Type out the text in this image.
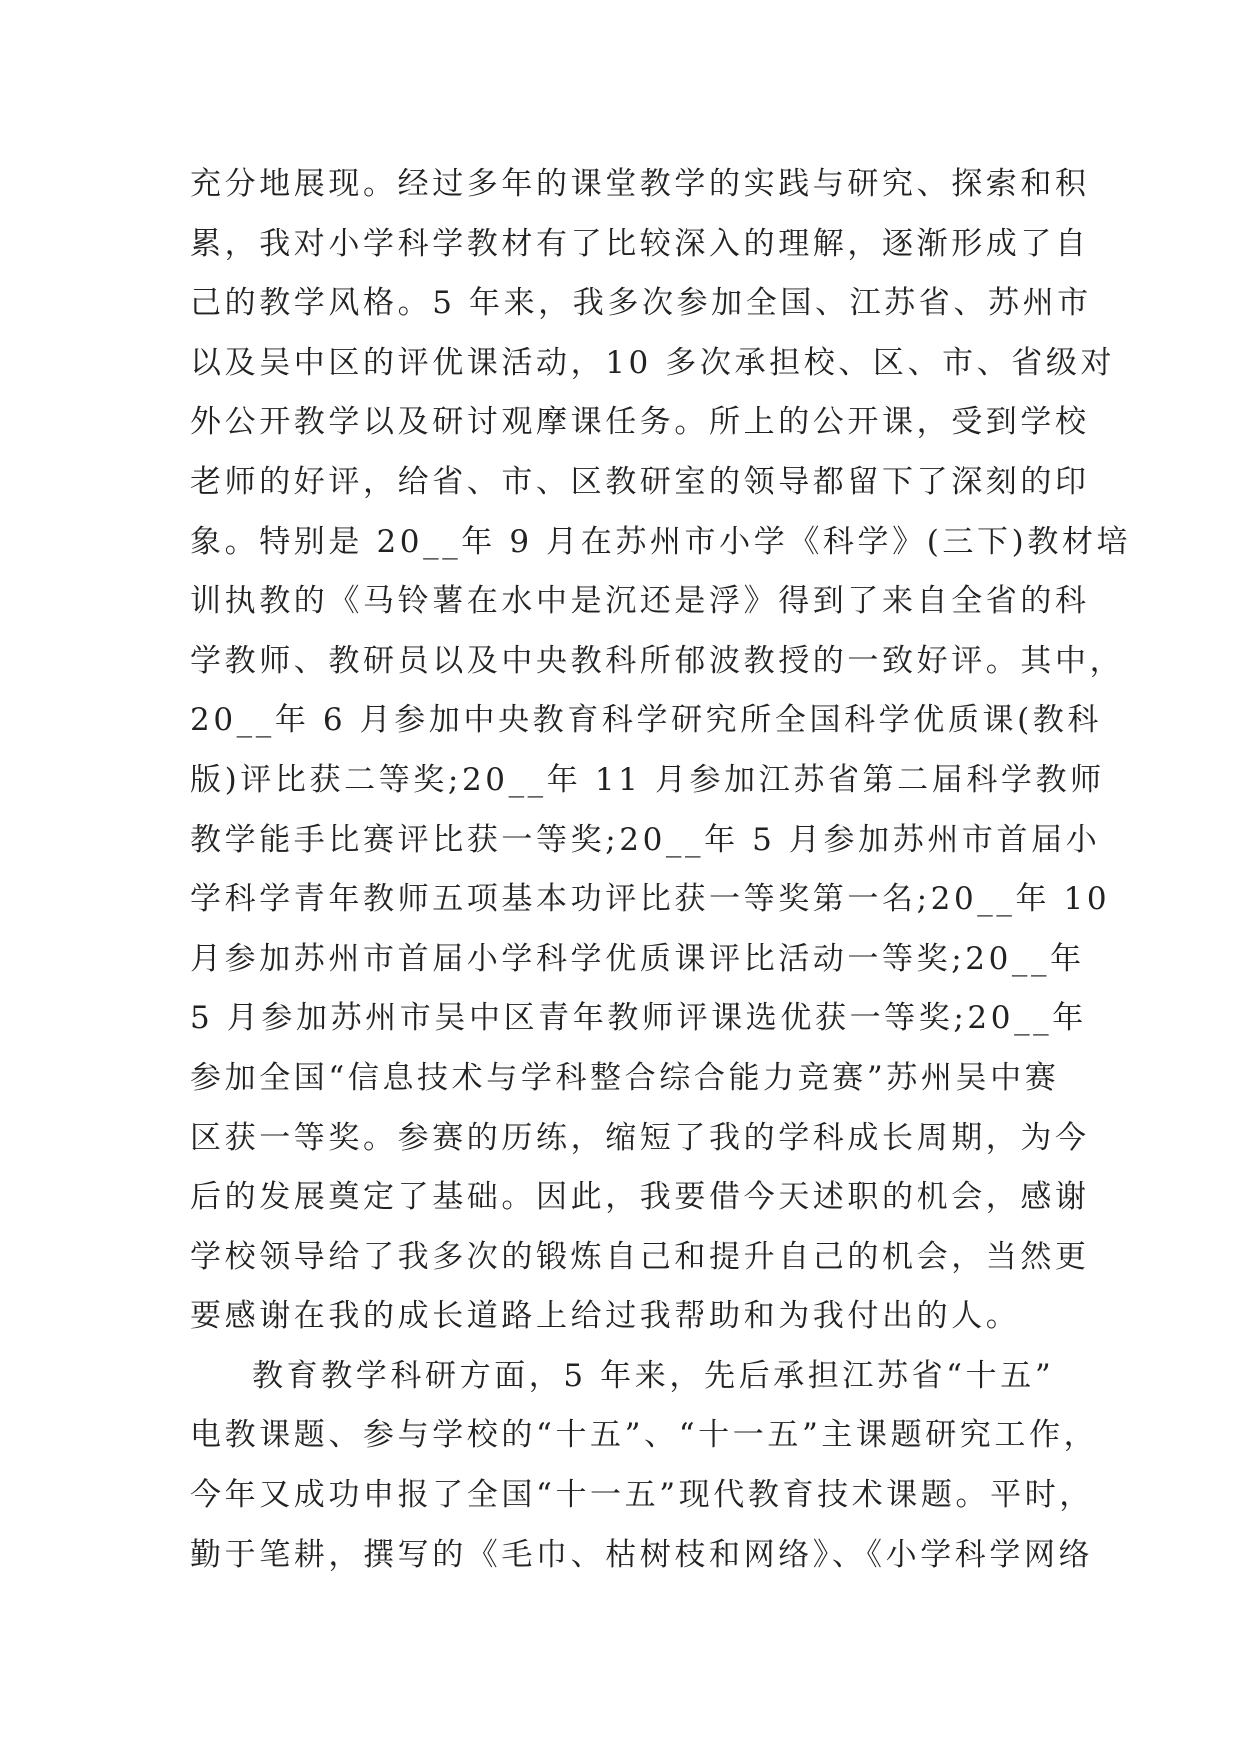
充分地展现。经过多年的课堂教学的实践与研究、探索和积
累，我对小学科学教材有了比较深入的理解，逐渐形成了自
己的教学风格。5 年来，我多次参加全国、江苏省、苏州市
以及吴中区的评优课活动，10 多次承担校、区、市、省级对
外公开教学以及研讨观摩课任务。所上的公开课，受到学校
老师的好评，给省、市、区教研室的领导都留下了深刻的印
象。特别是 20__年 9 月在苏州市小学《科学》(三下)教材培
训执教的《马铃薯在水中是沉还是浮》得到了来自全省的科
学教师、教研员以及中央教科所郁波教授的一致好评。其中，
20__年 6 月参加中央教育科学研究所全国科学优质课(教科
版)评比获二等奖;20__年 11 月参加江苏省第二届科学教师
教学能手比赛评比获一等奖;20__年 5 月参加苏州市首届小
学科学青年教师五项基本功评比获一等奖第一名;20__年 10
月参加苏州市首届小学科学优质课评比活动一等奖;20__年
5 月参加苏州市吴中区青年教师评课选优获一等奖;20__年
参加全国“信息技术与学科整合综合能力竞赛”苏州吴中赛
区获一等奖。参赛的历练，缩短了我的学科成长周期，为今
后的发展奠定了基础。因此，我要借今天述职的机会，感谢
学校领导给了我多次的锻炼自己和提升自己的机会，当然更
要感谢在我的成长道路上给过我帮助和为我付出的人。
教育教学科研方面，5 年来，先后承担江苏省“十五”
电教课题、参与学校的“十五”、“十一五”主课题研究工作，
今年又成功申报了全国“十一五”现代教育技术课题。平时，
勤于笔耕，撰写的《毛巾、枯树枝和网络》、《小学科学网络
